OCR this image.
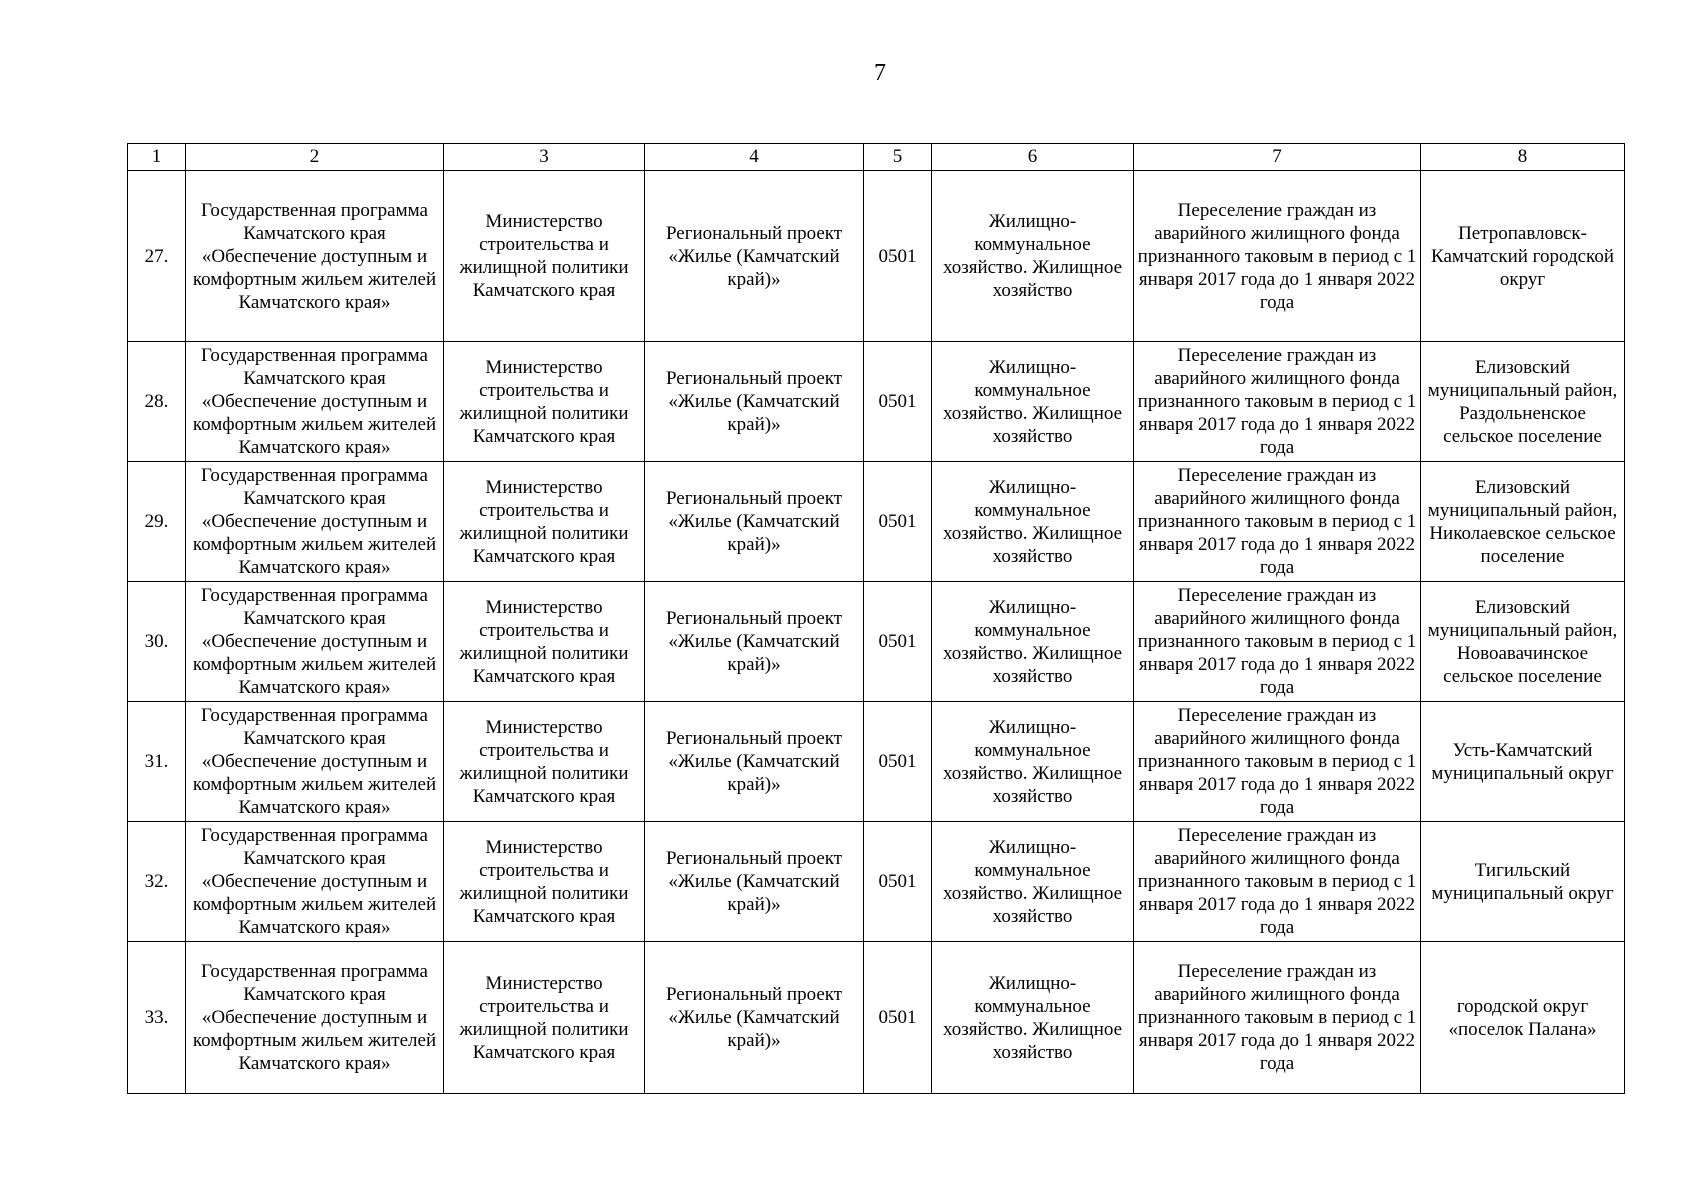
7
1	2	3	4	5	6	7	8
27.	Государственная программа Камчатского края «Обеспечение доступным и комфортным жильем жителей Камчатского края»	Министерство строительства и жилищной политики Камчатского края	Региональный проект «Жилье (Камчатский край)»	0501	Жилищно-коммунальное хозяйство. Жилищное хозяйство	Переселение граждан из аварийного жилищного фонда признанного таковым в период с 1 января 2017 года до 1 января 2022 года	Петропавловск-Камчатский городской округ
28.	Государственная программа Камчатского края «Обеспечение доступным и комфортным жильем жителей Камчатского края»	Министерство строительства и жилищной политики Камчатского края	Региональный проект «Жилье (Камчатский край)»	0501	Жилищно-коммунальное хозяйство. Жилищное хозяйство	Переселение граждан из аварийного жилищного фонда признанного таковым в период с 1 января 2017 года до 1 января 2022 года	Елизовский муниципальный район, Раздольненское сельское поселение
29.	Государственная программа Камчатского края «Обеспечение доступным и комфортным жильем жителей Камчатского края»	Министерство строительства и жилищной политики Камчатского края	Региональный проект «Жилье (Камчатский край)»	0501	Жилищно-коммунальное хозяйство. Жилищное хозяйство	Переселение граждан из аварийного жилищного фонда признанного таковым в период с 1 января 2017 года до 1 января 2022 года	Елизовский муниципальный район, Николаевское сельское поселение
30.	Государственная программа Камчатского края «Обеспечение доступным и комфортным жильем жителей Камчатского края»	Министерство строительства и жилищной политики Камчатского края	Региональный проект «Жилье (Камчатский край)»	0501	Жилищно-коммунальное хозяйство. Жилищное хозяйство	Переселение граждан из аварийного жилищного фонда признанного таковым в период с 1 января 2017 года до 1 января 2022 года	Елизовский муниципальный район, Новоавачинское сельское поселение
31.	Государственная программа Камчатского края «Обеспечение доступным и комфортным жильем жителей Камчатского края»	Министерство строительства и жилищной политики Камчатского края	Региональный проект «Жилье (Камчатский край)»	0501	Жилищно-коммунальное хозяйство. Жилищное хозяйство	Переселение граждан из аварийного жилищного фонда признанного таковым в период с 1 января 2017 года до 1 января 2022 года	Усть-Камчатский муниципальный округ
32.	Государственная программа Камчатского края «Обеспечение доступным и комфортным жильем жителей Камчатского края»	Министерство строительства и жилищной политики Камчатского края	Региональный проект «Жилье (Камчатский край)»	0501	Жилищно-коммунальное хозяйство. Жилищное хозяйство	Переселение граждан из аварийного жилищного фонда признанного таковым в период с 1 января 2017 года до 1 января 2022 года	Тигильский муниципальный округ
33.	Государственная программа Камчатского края «Обеспечение доступным и комфортным жильем жителей Камчатского края»	Министерство строительства и жилищной политики Камчатского края	Региональный проект «Жилье (Камчатский край)»	0501	Жилищно-коммунальное хозяйство. Жилищное хозяйство	Переселение граждан из аварийного жилищного фонда признанного таковым в период с 1 января 2017 года до 1 января 2022 года	городской округ «поселок Палана»
